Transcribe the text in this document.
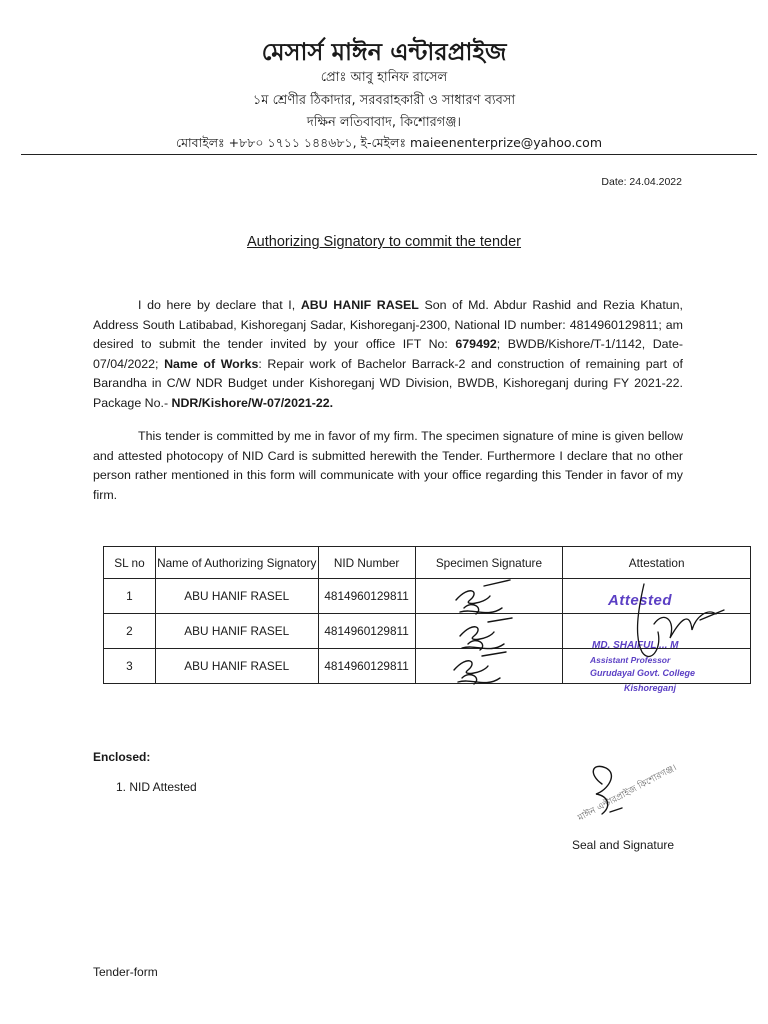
মেসার্স মাঈন এন্টারপ্রাইজ
প্রোঃ আবু হানিফ রাসেল
১ম শ্রেণীর ঠিকাদার, সরবরাহকারী ও সাধারণ ব্যবসা
দক্ষিন লতিবাবাদ, কিশোরগঞ্জ।
মোবাইলঃ +৮৮০ ১৭১১ ১৪৪৬৮১, ই-মেইলঃ maieenenterprize@yahoo.com
Date: 24.04.2022
Authorizing Signatory to commit the tender

I do here by declare that I, ABU HANIF RASEL Son of Md. Abdur Rashid and Rezia Khatun, Address South Latibabad, Kishoreganj Sadar, Kishoreganj-2300, National ID number: 4814960129811; am desired to submit the tender invited by your office IFT No: 679492; BWDB/Kishore/T-1/1142, Date-07/04/2022; Name of Works: Repair work of Bachelor Barrack-2 and construction of remaining part of Barandha in C/W NDR Budget under Kishoreganj WD Division, BWDB, Kishoreganj during FY 2021-22. Package No.- NDR/Kishore/W-07/2021-22.

This tender is committed by me in favor of my firm. The specimen signature of mine is given bellow and attested photocopy of NID Card is submitted herewith the Tender. Furthermore I declare that no other person rather mentioned in this form will communicate with your office regarding this Tender in favor of my firm.

SL no	Name of Authorizing Signatory	NID Number	Specimen Signature	Attestation
1	ABU HANIF RASEL	4814960129811		
2	ABU HANIF RASEL	4814960129811		
3	ABU HANIF RASEL	4814960129811		
Attested
MD. SHAIFUL ... M
Assistant Professor
Gurudayal Govt. College
Kishoreganj
Enclosed:
1. NID Attested	মাঈন এন্টারপ্রাইজ কিশোরগঞ্জ।
Seal and Signature
Tender-form
